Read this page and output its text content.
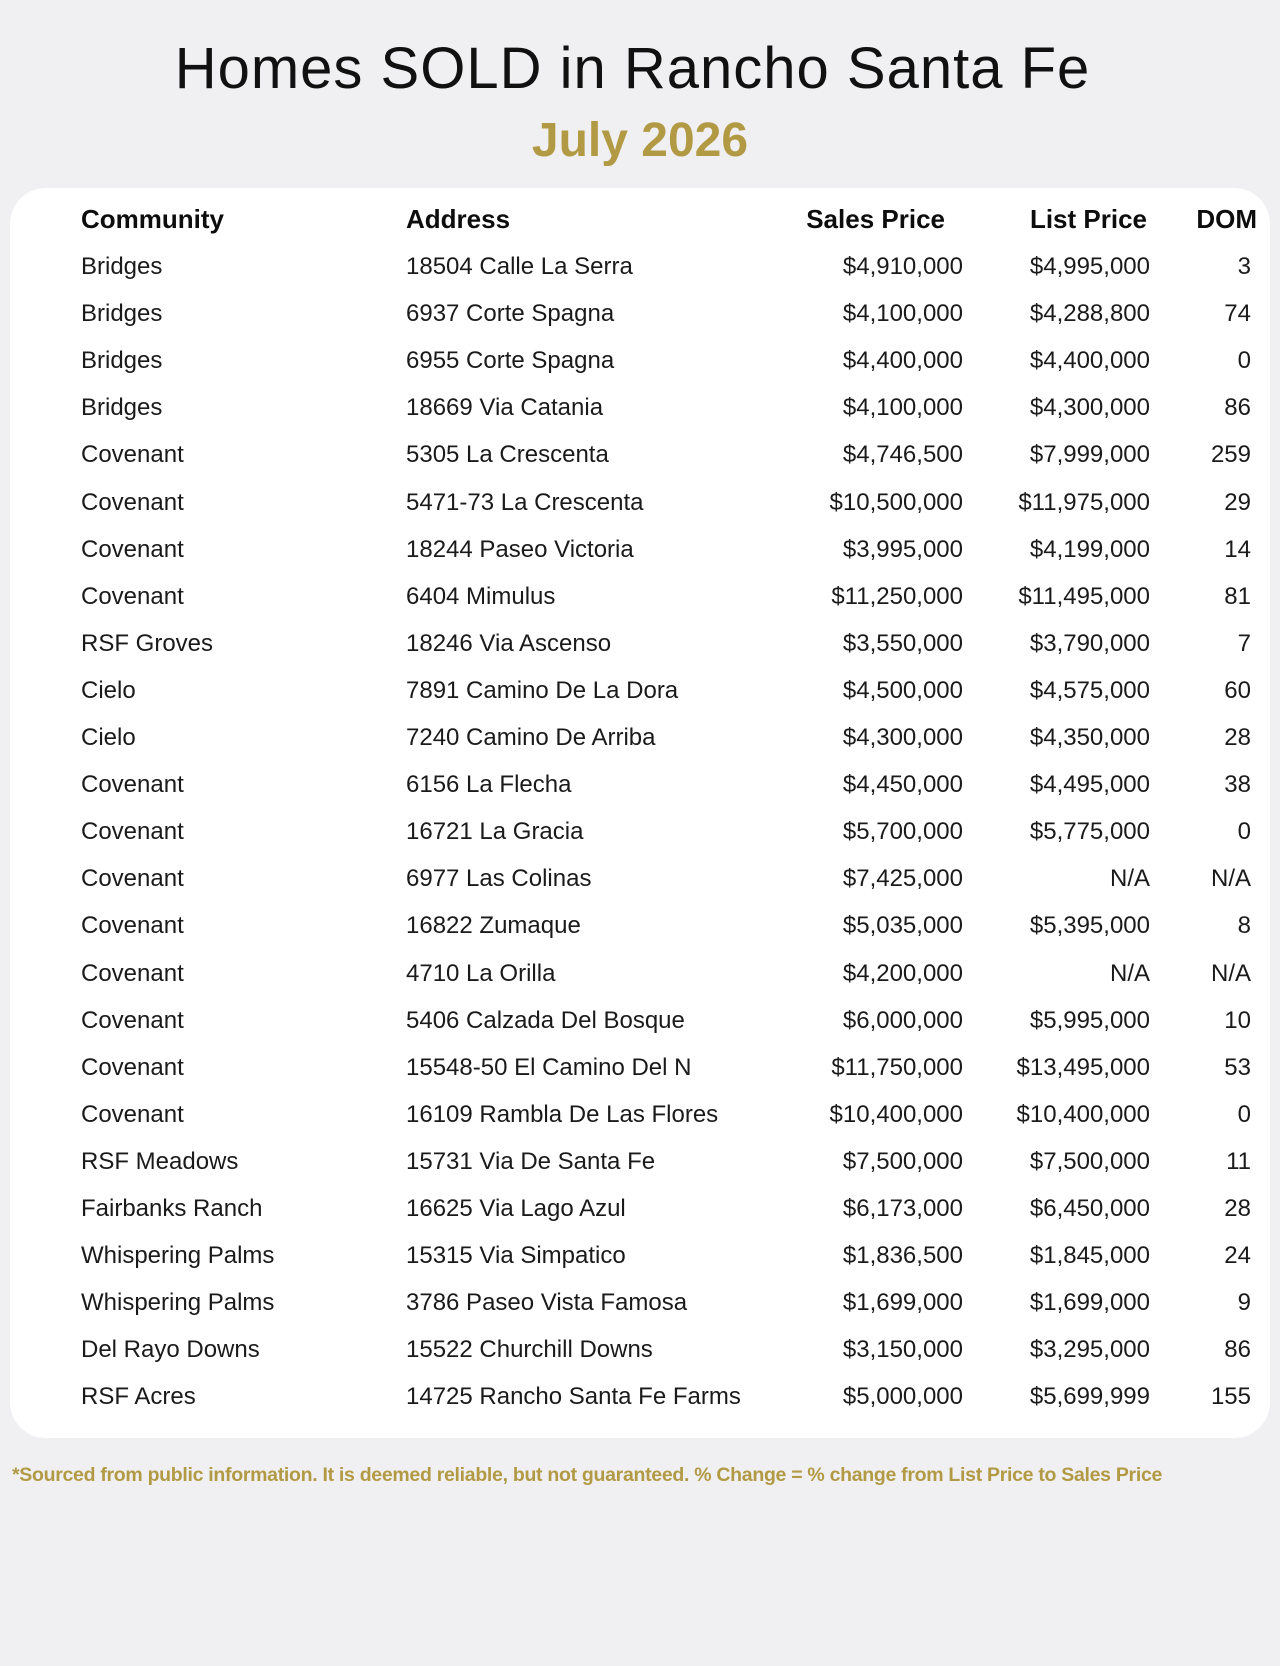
Homes SOLD in Rancho Santa Fe
July 2026
Community	Address	Sales Price	List Price DOM
Bridges	18504 Calle La Serra	$4,910,000	$4,995,000	3
Bridges	6937 Corte Spagna	$4,100,000	$4,288,800	74
Bridges	6955 Corte Spagna	$4,400,000	$4,400,000	0
Bridges	18669 Via Catania	$4,100,000	$4,300,000	86
Covenant	5305 La Crescenta	$4,746,500	$7,999,000	259
Covenant	5471-73 La Crescenta	$10,500,000 $11,975,000	29
Covenant	18244 Paseo Victoria	$3,995,000	$4,199,000	14
Covenant	6404 Mimulus	$11,250,000 $11,495,000	81
RSF Groves	18246 Via Ascenso	$3,550,000	$3,790,000	7
Cielo	7891 Camino De La Dora	$4,500,000	$4,575,000	60
Cielo	7240 Camino De Arriba	$4,300,000	$4,350,000	28
Covenant	6156 La Flecha	$4,450,000	$4,495,000	38
Covenant	16721 La Gracia	$5,700,000	$5,775,000	0
Covenant	6977 Las Colinas	$7,425,000	N/A	N/A
Covenant	16822 Zumaque	$5,035,000	$5,395,000	8
Covenant	4710 La Orilla	$4,200,000	N/A	N/A
Covenant	5406 Calzada Del Bosque	$6,000,000	$5,995,000	10
Covenant	15548-50 El Camino Del N	$11,750,000 $13,495,000	53
Covenant	16109 Rambla De Las Flores	$10,400,000 $10,400,000	0
RSF Meadows	15731 Via De Santa Fe	$7,500,000	$7,500,000	11
Fairbanks Ranch	16625 Via Lago Azul	$6,173,000	$6,450,000	28
Whispering Palms	15315 Via Simpatico	$1,836,500	$1,845,000	24
Whispering Palms	3786 Paseo Vista Famosa	$1,699,000	$1,699,000	9
Del Rayo Downs	15522 Churchill Downs	$3,150,000	$3,295,000	86
RSF Acres	14725 Rancho Santa Fe Farms	$5,000,000	$5,699,999	155

*Sourced from public information. It is deemed reliable, but not guaranteed. % Change = % change from List Price to Sales Price
